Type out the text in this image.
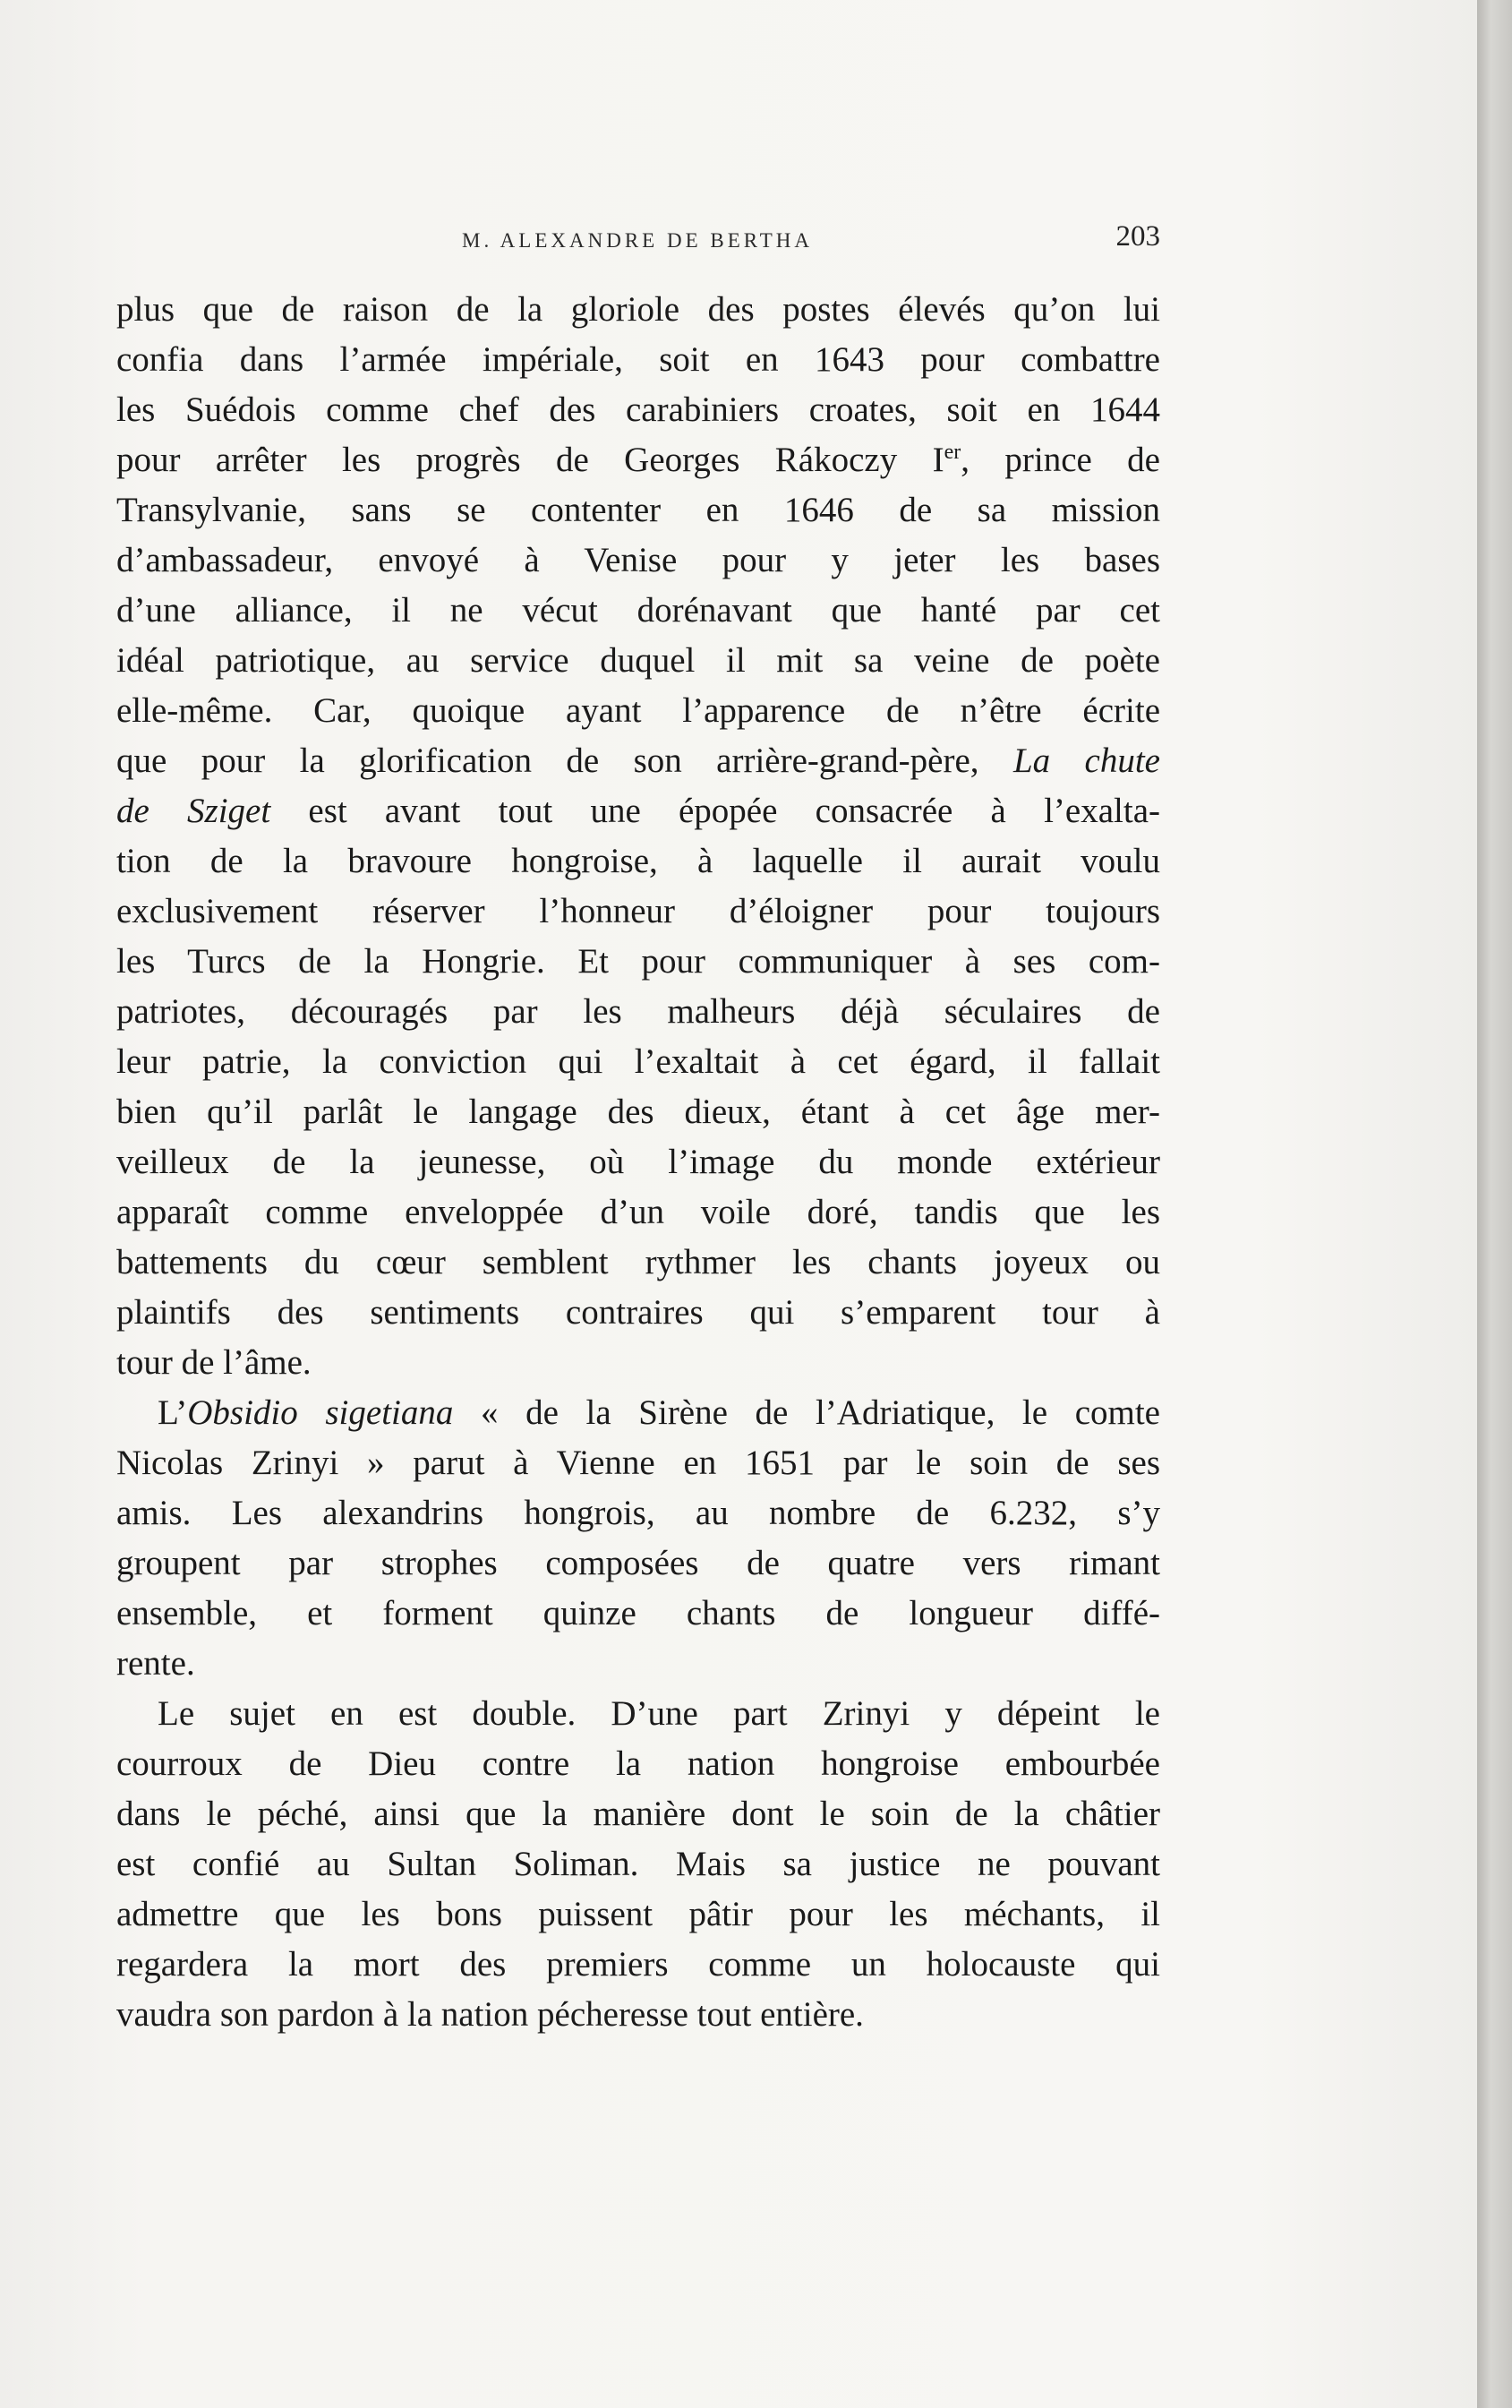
M. ALEXANDRE DE BERTHA	203
plus que de raison de la gloriole des postes élevés qu’on lui
confia dans l’armée impériale, soit en 1643 pour combattre
les Suédois comme chef des carabiniers croates, soit en 1644
pour arrêter les progrès de Georges Rákoczy Ier, prince de
Transylvanie, sans se contenter en 1646 de sa mission
d’ambassadeur, envoyé à Venise pour y jeter les bases
d’une alliance, il ne vécut dorénavant que hanté par cet
idéal patriotique, au service duquel il mit sa veine de poète
elle-même. Car, quoique ayant l’apparence de n’être écrite
que pour la glorification de son arrière-grand-père, La chute
de Sziget est avant tout une épopée consacrée à l’exalta-
tion de la bravoure hongroise, à laquelle il aurait voulu
exclusivement réserver l’honneur d’éloigner pour toujours
les Turcs de la Hongrie. Et pour communiquer à ses com-
patriotes, découragés par les malheurs déjà séculaires de
leur patrie, la conviction qui l’exaltait à cet égard, il fallait
bien qu’il parlât le langage des dieux, étant à cet âge mer-
veilleux de la jeunesse, où l’image du monde extérieur
apparaît comme enveloppée d’un voile doré, tandis que les
battements du cœur semblent rythmer les chants joyeux ou
plaintifs des sentiments contraires qui s’emparent tour à
tour de l’âme.
L’Obsidio sigetiana « de la Sirène de l’Adriatique, le comte
Nicolas Zrinyi » parut à Vienne en 1651 par le soin de ses
amis. Les alexandrins hongrois, au nombre de 6.232, s’y
groupent par strophes composées de quatre vers rimant
ensemble, et forment quinze chants de longueur diffé-
rente.
Le sujet en est double. D’une part Zrinyi y dépeint le
courroux de Dieu contre la nation hongroise embourbée
dans le péché, ainsi que la manière dont le soin de la châtier
est confié au Sultan Soliman. Mais sa justice ne pouvant
admettre que les bons puissent pâtir pour les méchants, il
regardera la mort des premiers comme un holocauste qui
vaudra son pardon à la nation pécheresse tout entière.
